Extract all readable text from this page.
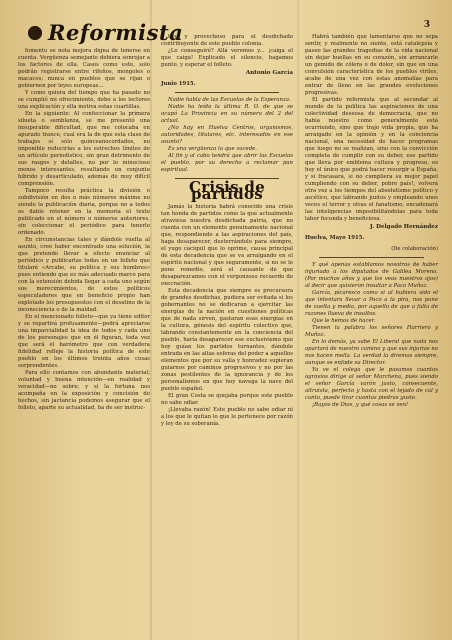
Reformista	3

fomento se nota mejora digna de tenerse en cuenta. Vergüenza semejante debiera sonrojar a los factores de ella. Casos como este, solo podrán registrarse entre rifeños, mongoles o macacos; nunca en pueblos que se rijan o gobiernen por leyes europeas...

Y como quiera del tiempo que ha pasado no se cumplió mi ofrecimiento, debo a los lectores una explicación y ella motiva estas cuartillas.

En la siguiente: Al confeccionar la primera silueta o semblanza, se me presentó una insuperable dificultad, que me colocaba en apurado trance, cual era la de que esta clase de trabajos sí sólo quinceanocordados, no imponible reducirlas a los estrechos límites de un artículo periodístico, sin gran detrimento de sus rasgos y detalles, no por lo minucioso menos interesantes, resultando un conjunto híbrido y desarticulado, además de muy difícil comprensión.

Tampoco resulta práctica la división o subdivisión en dos o más números máxime no siendo la publicación diaria, porque no a todos es dable retener en la memoria el texto publicado en el número o números anteriores, sin coleccionar el periódico para tenerlo ordenado.

En circunstancias tales y dándole vuelta al asunto, creo haber encontrado una solución, la que pretendo llevar a efecto enunciar al periódico y publicarlas todas en un folleto que titularé «Arcabe, su política y sus hombres» pues entiendo que es más adecuado marco para con la extensión debida llegar a cada uno según sus merecimientos, de estos políticos especuladores que en beneficio propio han explotado los presupuestos con el desatino de la inconsciencia o de la maldad.

En el mencionado folleto—que ya tiene editor y se repartirá profusamente—podrá apreciarse una imparcialidad la idea de todos y cada uno de los personajes que en él figuran, toda vez que será el barómetro que con verdadera fidelidad refleje la historia política de este pueblo en los últimos treinta años cosas sorprendentes.

Para ello contamos con abundante material; voluntad y buena intención—en realidad y veracidad—no sobre; y si la fortuna nos acompaña en la exposición y concisión de hechos, sin jactancia podemos asegurar que el folleto, aparte su actualidad, ha de ser instruc-

tivo y provechoso para el desdichado contribuyente de este pueblo colonia.

¿Lo conseguiré? Allá veremos y... ¡caiga el que caiga! Explicado el silencio, hagamos punto, y esperar el folleto.

Antonio García

Junio 1915.

Nadie habla de las Escuelas de la Esperanza.

Nadie ha leído la última R. O. de que se ocupó La Provincia en su número del 2 del actual.

¿No hay en Huelva Centros, organismos, autoridades, titulares, etc. interesados en ese asunto?

Es una vergüenza lo que sucede.

Al fin y al cabo tendrá que abrir las Escuelas el pueblo, por su derecho a reclamar pan espiritual.

Crisis de partidos

Jamás la historia habrá conocido una crisis tan honda de partidos como la que actualmente atraviesa nuestra desdichada patria, que no cuenta con un elemento genuinamente nacional que, respondiendo a las aspiraciones del país, haga desaparecer, desterrándolo para siempre, el yugo caciquil que lo oprime, causa principal de esta decadencia que se va arraigando en el espíritu nacional y que seguramente, si no se le pone remedio, será el causante de que desaparezcamos con el vergonzoso recuerdo de execración.

Esta decadencia que siempre es precursora de grandes desdichas, pudiera ser evitada si los gobernantes no se dedicaran a ejercitar las energías de la nación en cuestiones políticas que de nada sirven, gastaran esas energías en la cultura, génesis del espíritu colectivo que, labrando constantemente en la conciencia del pueblo, haría desaparecer ese exclusivismo que hoy guían los partidos turnantes, dándole entrada en las altas esferas del poder a aquellos elementos que por su valía y honradez supieran guiarnos por caminos progresivos y no por las zonas pestilentes de la ignorancia y de los personalismos en que hoy navega la nave del pueblo español.

El gran Costa se quejaba porque este pueblo no sabe odiar.

¡Llevaba razón! Este pueblo no sabe odiar ni a los que le quitan lo que le pertenece por razón y ley de su soberanía.

Habrá también que lamentarse que no sepa sentir, y realmente no siente, está catalepsia y paseo las grandes tragedias de la vida nacional sin dejar huellas en su corazón, sin arrancarle un gemido de cólera o de dolor, sin que en una convulsión característica de los pueblos viriles, acabe de una vez con estas anomalías para entrar de lleno en las grandes evoluciones progresivas.

El partido reformista que al secundar al mundo de la política las aspiraciones de una colectividad deseosa de democracia, que no había nuestro como generalmente está ocurriendo, sino que trajo vida propia, que ha arraigado en la opinión y en la conciencia nacional, una necesidad de hacer programas que luego no se realizan, sino con la convicción completa de cumplir con su deber, ese partido que lleva por emblema cultura y progreso, es hoy el único que podrá hacer resurgir a España, y si fracasara, si no cumpliera su mejor papel cumpliendo con su deber, pobre país!, volverá otra vez a los tiempos del absolutismo político y ascético, que labrando juntos y empleando unos veces el terror y otras el fanatismo, encadenará las inteligencias imposibilitándolas para toda labor fecunda y beneficiosa.

J. Delgado Hernández

Huelva, Mayo 1915.

(De colaboración)

Y qué apenas establamos nosotros de haber injuriado a los diputados de Galilea Moreno. (Por muchos años y que los veas nuestros ojos) al decir que quisieron insultar a Paco Muñoz.

García, pícaresco como si al hubiera sido el que intentara llevar a Paco a la pira, nos pone de vuelta y media, por aquello de que a falta de razones llueva de insultos.

Que le hemos de hacer.

Tienen la palabra los señores Harriero y Muñoz.

En lo demás, ya sabe El Liberal que nada nos apartará de nuestro camino y que sus injurias no nos hacen mella. La verdad la diremos siempre, aunque se enfade su Director.

Ya ve el colega que le pasamos cuantos agravios dirige al señor Marchena, pues siendo el señor García varón justo, consecuente, altruista, perfecto y hasta con el tejado de cal y canto, puede tirar cuantas piedras guste.

¡Rayos de Dios, y qué cosas se ven!
